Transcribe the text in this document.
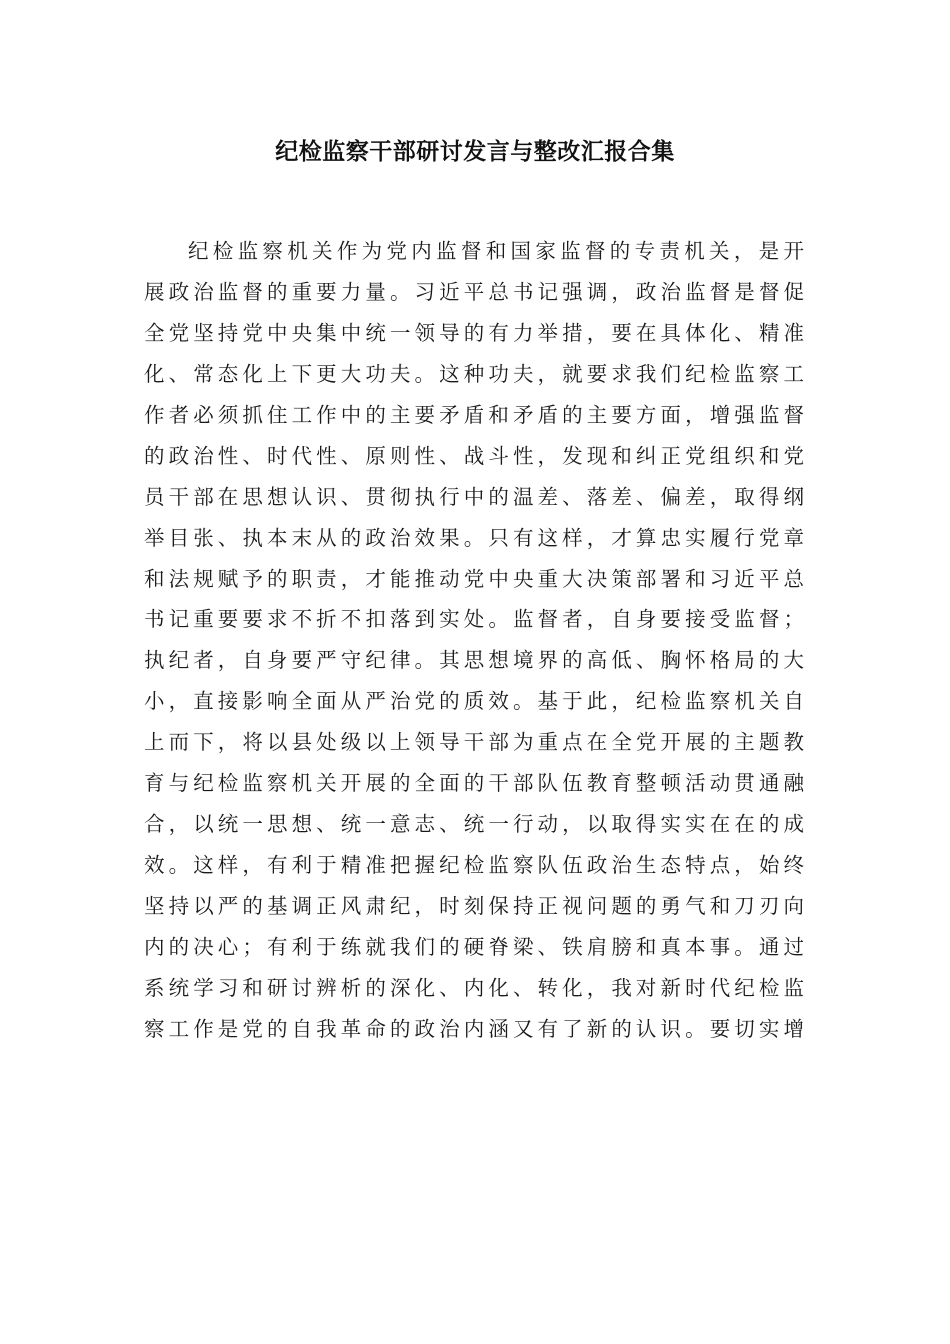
纪检监察干部研讨发言与整改汇报合集
纪检监察机关作为党内监督和国家监督的专责机关，是开
展政治监督的重要力量。习近平总书记强调，政治监督是督促
全党坚持党中央集中统一领导的有力举措，要在具体化、精准
化、常态化上下更大功夫。这种功夫，就要求我们纪检监察工
作者必须抓住工作中的主要矛盾和矛盾的主要方面，增强监督
的政治性、时代性、原则性、战斗性，发现和纠正党组织和党
员干部在思想认识、贯彻执行中的温差、落差、偏差，取得纲
举目张、执本末从的政治效果。只有这样，才算忠实履行党章
和法规赋予的职责，才能推动党中央重大决策部署和习近平总
书记重要要求不折不扣落到实处。监督者，自身要接受监督；
执纪者，自身要严守纪律。其思想境界的高低、胸怀格局的大
小，直接影响全面从严治党的质效。基于此，纪检监察机关自
上而下，将以县处级以上领导干部为重点在全党开展的主题教
育与纪检监察机关开展的全面的干部队伍教育整顿活动贯通融
合，以统一思想、统一意志、统一行动，以取得实实在在的成
效。这样，有利于精准把握纪检监察队伍政治生态特点，始终
坚持以严的基调正风肃纪，时刻保持正视问题的勇气和刀刃向
内的决心；有利于练就我们的硬脊梁、铁肩膀和真本事。通过
系统学习和研讨辨析的深化、内化、转化，我对新时代纪检监
察工作是党的自我革命的政治内涵又有了新的认识。要切实增
